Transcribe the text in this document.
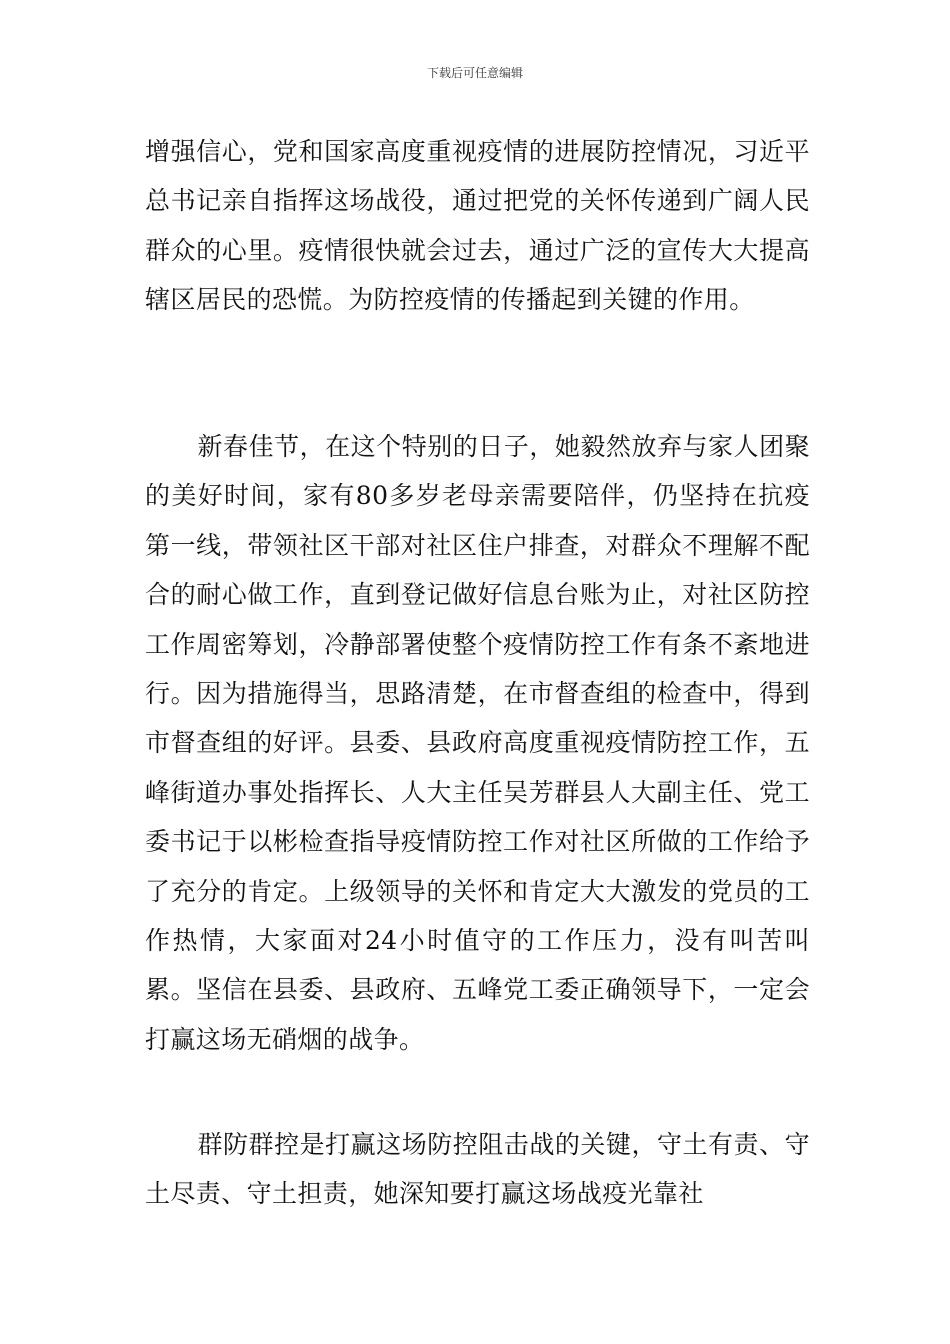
下载后可任意编辑

增强信心，党和国家高度重视疫情的进展防控情况，习近平总书记亲自指挥这场战役，通过把党的关怀传递到广阔人民群众的心里。疫情很快就会过去，通过广泛的宣传大大提高辖区居民的恐慌。为防控疫情的传播起到关键的作用。

新春佳节，在这个特别的日子，她毅然放弃与家人团聚的美好时间，家有80多岁老母亲需要陪伴，仍坚持在抗疫第一线，带领社区干部对社区住户排查，对群众不理解不配合的耐心做工作，直到登记做好信息台账为止，对社区防控工作周密筹划，冷静部署使整个疫情防控工作有条不紊地进行。因为措施得当，思路清楚，在市督查组的检查中，得到市督查组的好评。县委、县政府高度重视疫情防控工作，五峰街道办事处指挥长、人大主任吴芳群县人大副主任、党工委书记于以彬检查指导疫情防控工作对社区所做的工作给予了充分的肯定。上级领导的关怀和肯定大大激发的党员的工作热情，大家面对24小时值守的工作压力，没有叫苦叫累。坚信在县委、县政府、五峰党工委正确领导下，一定会打赢这场无硝烟的战争。

群防群控是打赢这场防控阻击战的关键，守土有责、守土尽责、守土担责，她深知要打赢这场战疫光靠社
